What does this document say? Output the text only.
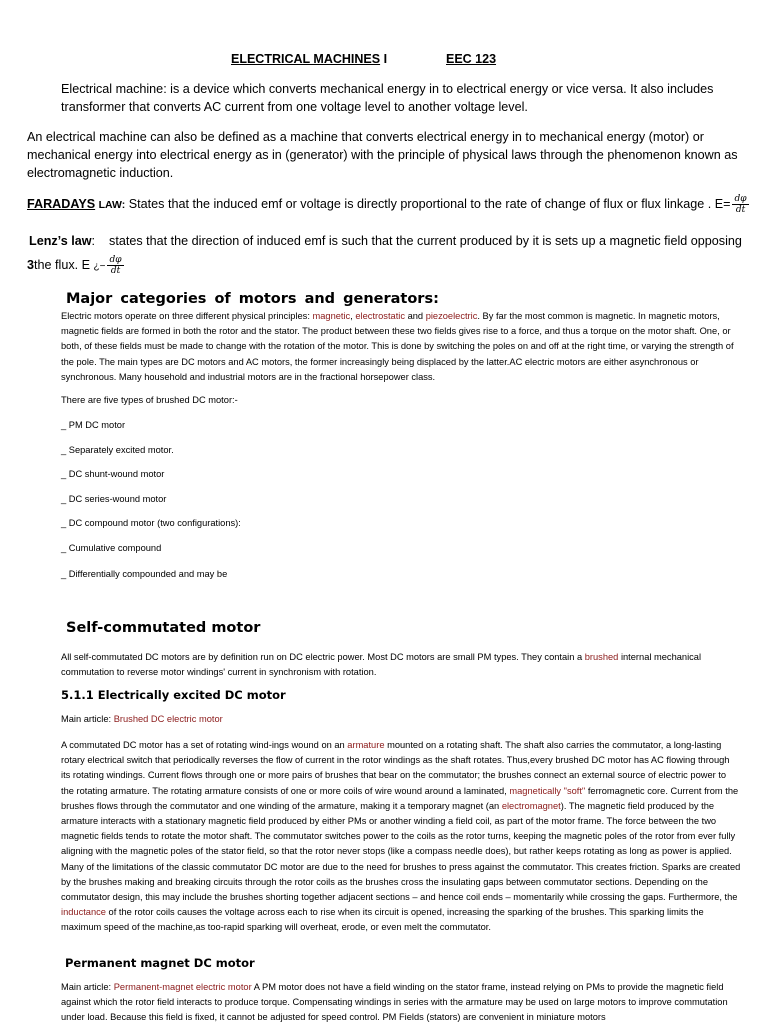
ELECTRICAL MACHINES I	EEC 123
Electrical machine: is a device which converts mechanical energy in to electrical energy or vice versa. It also includes transformer that converts AC current from one voltage level to another voltage level.
An electrical machine can also be defined as a machine that converts electrical energy in to mechanical energy (motor) or mechanical energy into electrical energy as in (generator) with the principle of physical laws through the phenomenon known as electromagnetic induction.
FARADAYS LAW: States that the induced emf or voltage is directly proportional to the rate of change of flux or flux linkage . $E= \frac{d\varphi}{dt}$
Lenz’s law: states that the direction of induced emf is such that the current produced by it is sets up a magnetic field opposing
3the flux. E ¿− $\frac{d\varphi}{dt}$
Major categories of motors and generators:
Electric motors operate on three different physical principles: magnetic, electrostatic and piezoelectric. By far the most common is magnetic. In magnetic motors, magnetic fields are formed in both the rotor and the stator. The product between these two fields gives rise to a force, and thus a torque on the motor shaft. One, or both, of these fields must be made to change with the rotation of the motor. This is done by switching the poles on and off at the right time, or varying the strength of the pole. The main types are DC motors and AC motors, the former increasingly being displaced by the latter.AC electric motors are either asynchronous or synchronous. Many household and industrial motors are in the fractional horsepower class.
There are five types of brushed DC motor:-
_ PM DC motor
_ Separately excited motor.
_ DC shunt-wound motor
_ DC series-wound motor
_ DC compound motor (two configurations):
_ Cumulative compound
_ Differentially compounded and may be
Self-commutated motor
All self-commutated DC motors are by definition run on DC electric power. Most DC motors are small PM types. They contain a brushed internal mechanical commutation to reverse motor windings' current in synchronism with rotation.
5.1.1 Electrically excited DC motor
Main article: Brushed DC electric motor
A commutated DC motor has a set of rotating wind-ings wound on an armature mounted on a rotating shaft. The shaft also carries the commutator, a long-lasting rotary electrical switch that periodically reverses the flow of current in the rotor windings as the shaft rotates. Thus,every brushed DC motor has AC flowing through its rotating windings. Current flows through one or more pairs of brushes that bear on the commutator; the brushes connect an external source of electric power to the rotating armature. The rotating armature consists of one or more coils of wire wound around a laminated, magnetically "soft" ferromagnetic core. Current from the brushes flows through the commutator and one winding of the armature, making it a temporary magnet (an electromagnet). The magnetic field produced by the armature interacts with a stationary magnetic field produced by either PMs or another winding a field coil, as part of the motor frame. The force between the two magnetic fields tends to rotate the motor shaft. The commutator switches power to the coils as the rotor turns, keeping the magnetic poles of the rotor from ever fully aligning with the magnetic poles of the stator field, so that the rotor never stops (like a compass needle does), but rather keeps rotating as long as power is applied. Many of the limitations of the classic commutator DC motor are due to the need for brushes to press against the commutator. This creates friction. Sparks are created by the brushes making and breaking circuits through the rotor coils as the brushes cross the insulating gaps between commutator sections. Depending on the commutator design, this may include the brushes shorting together adjacent sections – and hence coil ends – momentarily while crossing the gaps. Furthermore, the inductance of the rotor coils causes the voltage across each to rise when its circuit is opened, increasing the sparking of the brushes. This sparking limits the maximum speed of the machine,as too-rapid sparking will overheat, erode, or even melt the commutator.
Permanent magnet DC motor
Main article: Permanent-magnet electric motor A PM motor does not have a field winding on the stator frame, instead relying on PMs to provide the magnetic field against which the rotor field interacts to produce torque. Compensating windings in series with the armature may be used on large motors to improve commutation under load. Because this field is fixed, it cannot be adjusted for speed control. PM Fields (stators) are convenient in miniature motors
